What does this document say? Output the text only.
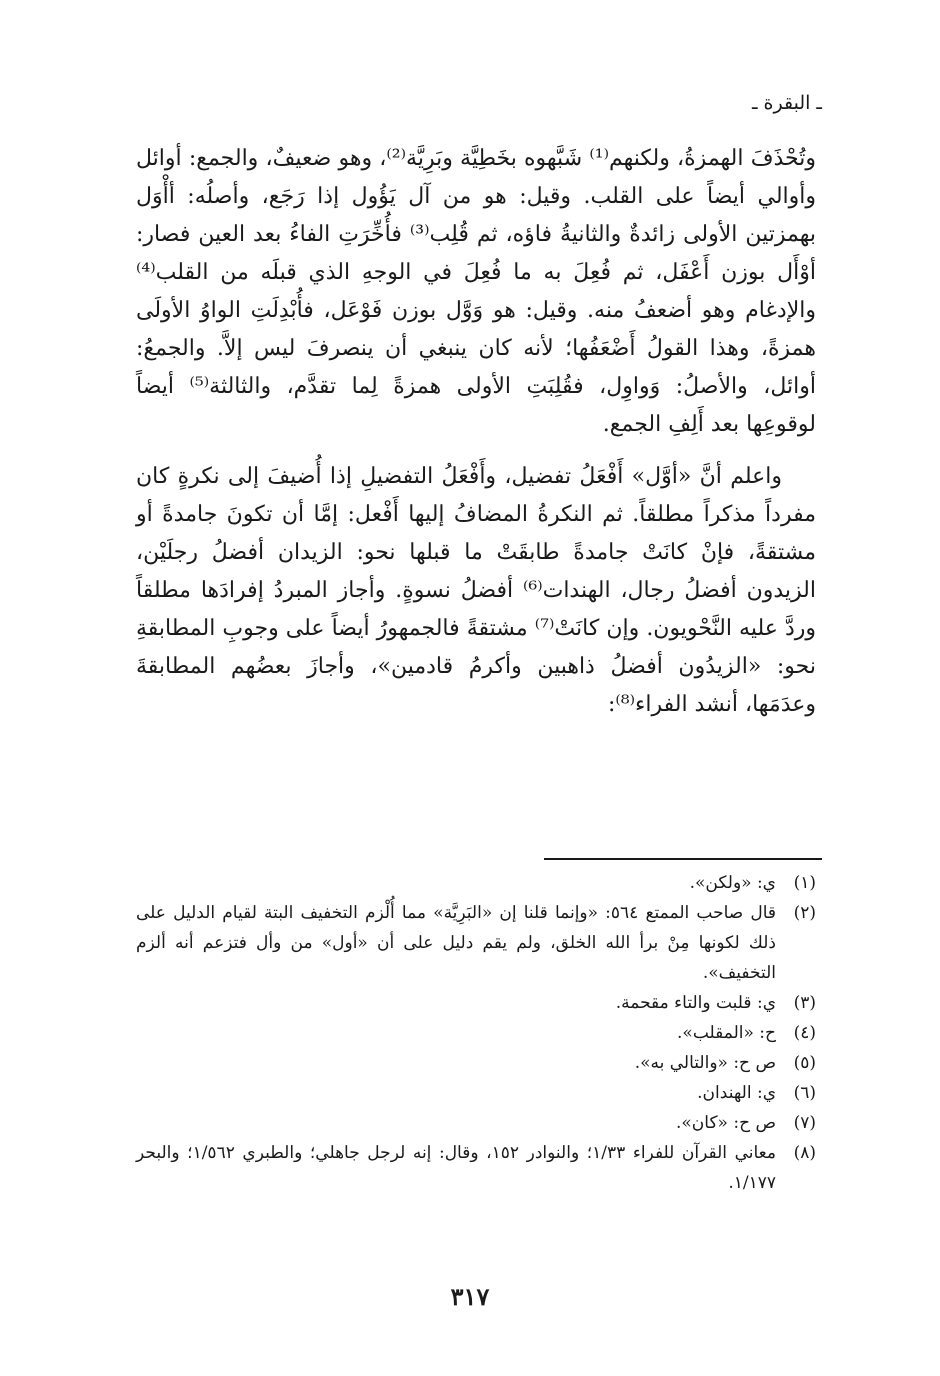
ـ البقرة ـ

وتُحْذَفَ الهمزةُ، ولكنهم⁽¹⁾ شَبَّهوه بخَطِيَّة وبَرِيَّة⁽²⁾، وهو ضعيفٌ، والجمع: أوائل وأوالي أيضاً على القلب. وقيل: هو من آل يَؤُول إذا رَجَع، وأصلُه: أأْوَل بهمزتين الأولى زائدةٌ والثانيةُ فاؤه، ثم قُلِب⁽³⁾ فأُخِّرَتِ الفاءُ بعد العين فصار: أوْأَل بوزن أَعْفَل، ثم فُعِلَ به ما فُعِلَ في الوجهِ الذي قبلَه من القلب⁽⁴⁾ والإدغام وهو أضعفُ منه. وقيل: هو وَوَّل بوزن فَوْعَل، فأُبْدِلَتِ الواوُ الأولَى همزةً، وهذا القولُ أَضْعَفُها؛ لأنه كان ينبغي أن ينصرفَ ليس إلاَّ. والجمعُ: أوائل، والأصلُ: وَواوِل، فقُلِبَتِ الأولى همزةً لِما تقدَّم، والثالثة⁽⁵⁾ أيضاً لوقوعِها بعد أَلِفِ الجمع.

واعلم أنَّ «أوَّل» أَفْعَلُ تفضيل، وأَفْعَلُ التفضيلِ إذا أُضيفَ إلى نكرةٍ كان مفرداً مذكراً مطلقاً. ثم النكرةُ المضافُ إليها أَفْعل: إمَّا أن تكونَ جامدةً أو مشتقةً، فإنْ كانَتْ جامدةً طابقَتْ ما قبلها نحو: الزيدان أفضلُ رجلَيْن، الزيدون أفضلُ رجال، الهندات⁽⁶⁾ أفضلُ نسوةٍ. وأجاز المبردُ إفرادَها مطلقاً وردَّ عليه النَّحْويون. وإن كانَتْ⁽⁷⁾ مشتقةً فالجمهورُ أيضاً على وجوبِ المطابقةِ نحو: «الزيدُون أفضلُ ذاهبين وأكرمُ قادمين»، وأجازَ بعضُهم المطابقةَ وعدَمَها، أنشد الفراء⁽⁸⁾:

(١)
ي: «ولكن».
(٢)
قال صاحب الممتع ٥٦٤: «وإنما قلنا إن «البَرِيَّة» مما أُلْزم التخفيف البتة لقيام الدليل على ذلك لكونها مِنْ برأ الله الخلق، ولم يقم دليل على أن «أول» من وأل فتزعم أنه ألزم التخفيف».
(٣)
ي: قلبت والتاء مقحمة.
(٤)
ح: «المقلب».
(٥)
ص ح: «والتالي به».
(٦)
ي: الهندان.
(٧)
ص ح: «كان».
(٨)
معاني القرآن للفراء ١/٣٣؛ والنوادر ١٥٢، وقال: إنه لرجل جاهلي؛ والطبري ١/٥٦٢؛ والبحر ١/١٧٧.
٣١٧
